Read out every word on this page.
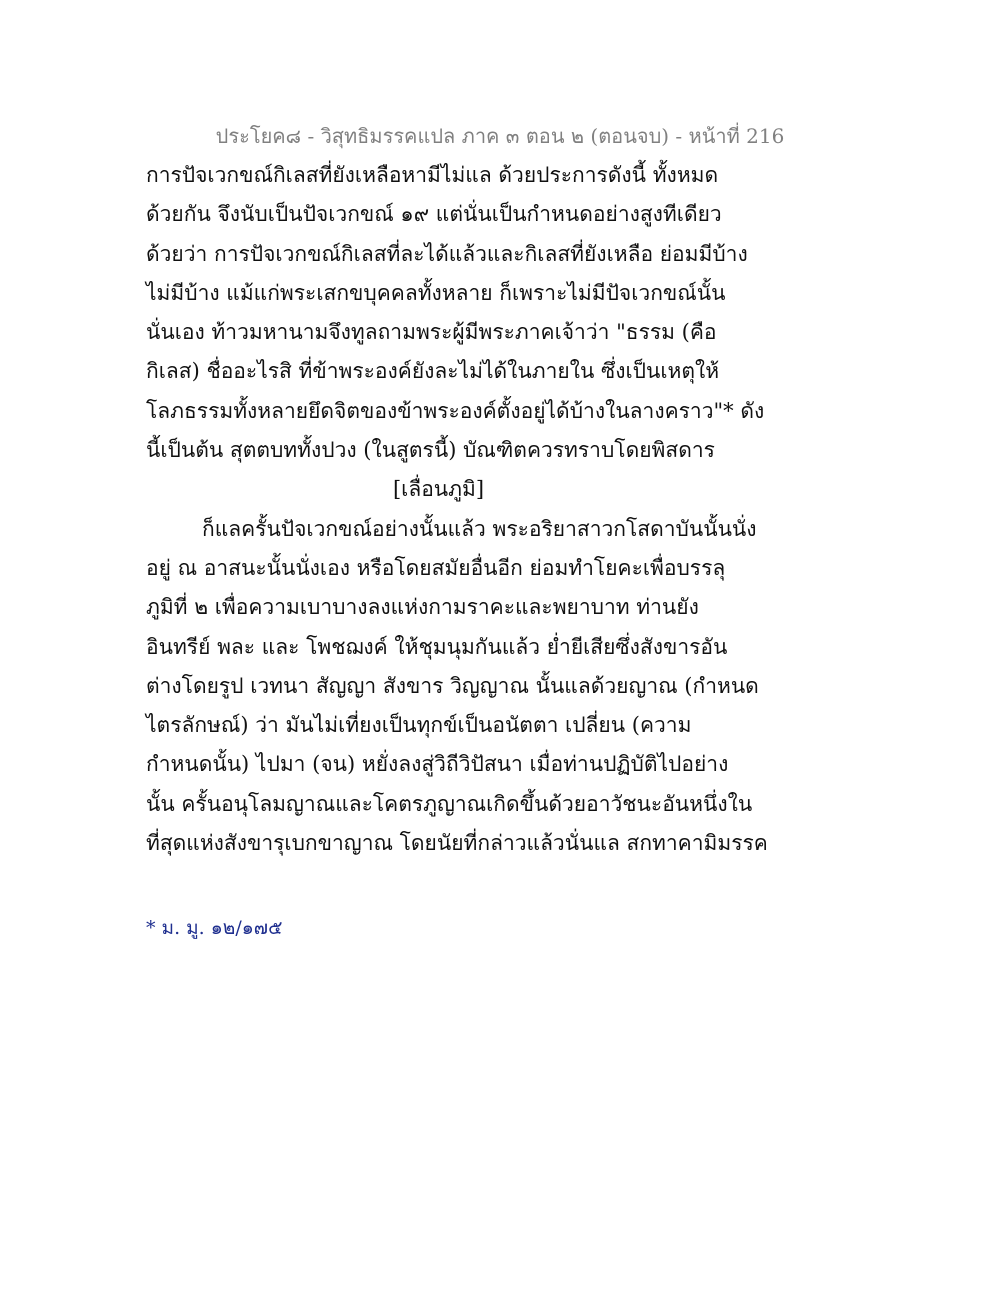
ประโยค๘ - วิสุทธิมรรคแปล ภาค ๓ ตอน ๒ (ตอนจบ) - หน้าที่ 216
การปัจเวกขณ์กิเลสที่ยังเหลือหามีไม่แล ด้วยประการดังนี้ ทั้งหมด
ด้วยกัน จึงนับเป็นปัจเวกขณ์ ๑๙ แต่นั่นเป็นกำหนดอย่างสูงทีเดียว
ด้วยว่า การปัจเวกขณ์กิเลสที่ละได้แล้วและกิเลสที่ยังเหลือ ย่อมมีบ้าง
ไม่มีบ้าง แม้แก่พระเสกขบุคคลทั้งหลาย ก็เพราะไม่มีปัจเวกขณ์นั้น
นั่นเอง ท้าวมหานามจึงทูลถามพระผู้มีพระภาคเจ้าว่า "ธรรม (คือ
กิเลส) ชื่ออะไรสิ ที่ข้าพระองค์ยังละไม่ได้ในภายใน ซึ่งเป็นเหตุให้
โลภธรรมทั้งหลายยึดจิตของข้าพระองค์ตั้งอยู่ได้บ้างในลางคราว"* ดัง
นี้เป็นต้น สุตตบททั้งปวง (ในสูตรนี้) บัณฑิตควรทราบโดยพิสดาร
[เลื่อนภูมิ]
ก็แลครั้นปัจเวกขณ์อย่างนั้นแล้ว พระอริยาสาวกโสดาบันนั้นนั่ง
อยู่ ณ อาสนะนั้นนั่งเอง หรือโดยสมัยอื่นอีก ย่อมทำโยคะเพื่อบรรลุ
ภูมิที่ ๒ เพื่อความเบาบางลงแห่งกามราคะและพยาบาท ท่านยัง
อินทรีย์ พละ และ โพชฌงค์ ให้ชุมนุมกันแล้ว ย่ำยีเสียซึ่งสังขารอัน
ต่างโดยรูป เวทนา สัญญา สังขาร วิญญาณ นั้นแลด้วยญาณ (กำหนด
ไตรลักษณ์) ว่า มันไม่เที่ยงเป็นทุกข์เป็นอนัตตา เปลี่ยน (ความ
กำหนดนั้น) ไปมา (จน) หยั่งลงสู่วิถีวิปัสนา เมื่อท่านปฏิบัติไปอย่าง
นั้น ครั้นอนุโลมญาณและโคตรภูญาณเกิดขึ้นด้วยอาวัชนะอันหนึ่งใน
ที่สุดแห่งสังขารุเบกขาญาณ โดยนัยที่กล่าวแล้วนั่นแล สกทาคามิมรรค
* ม. มู. ๑๒/๑๗๕
